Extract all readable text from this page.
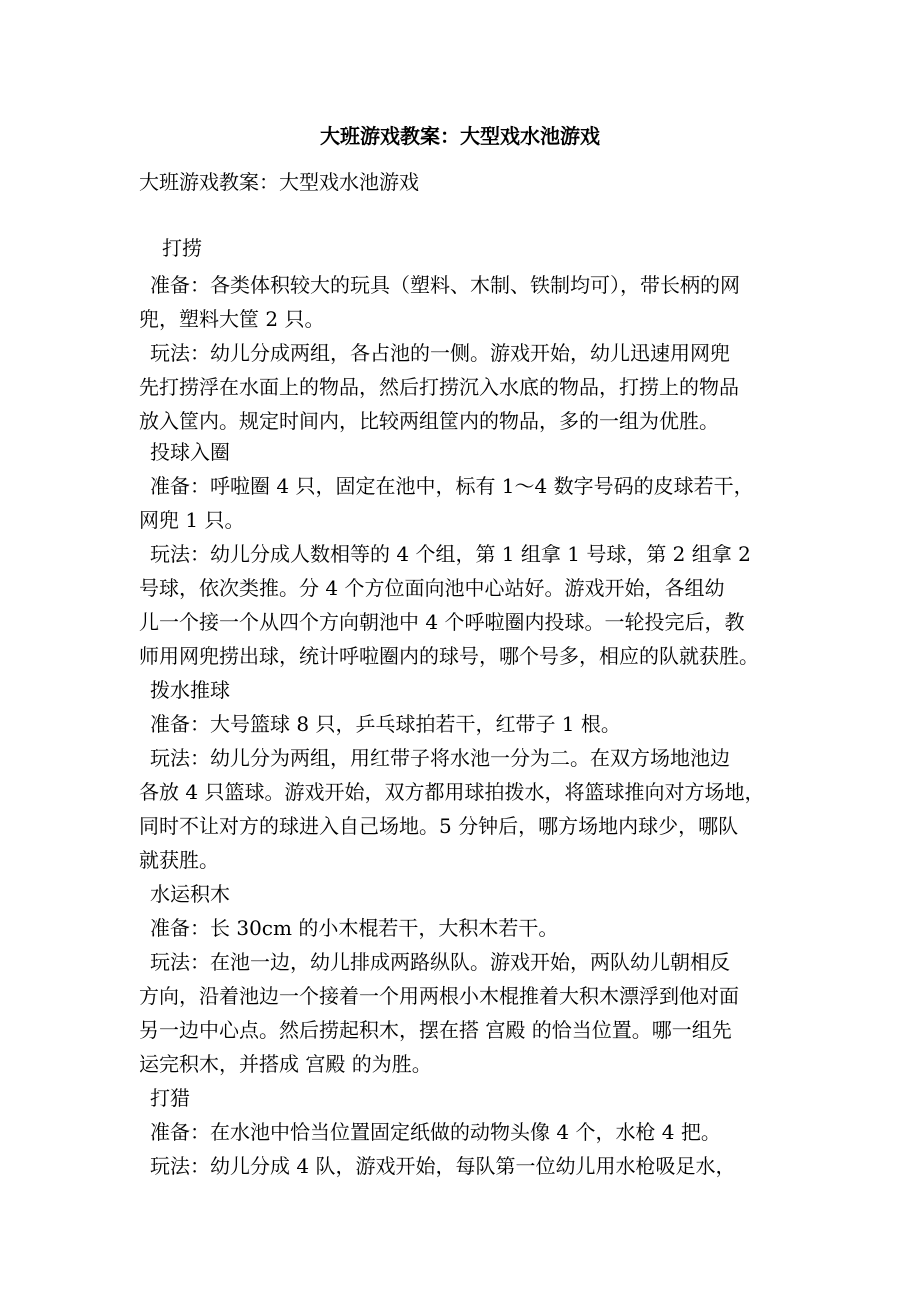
大班游戏教案：大型戏水池游戏
大班游戏教案：大型戏水池游戏
打捞
准备：各类体积较大的玩具（塑料、木制、铁制均可），带长柄的网
兜，塑料大筐 2 只。
玩法：幼儿分成两组，各占池的一侧。游戏开始，幼儿迅速用网兜
先打捞浮在水面上的物品，然后打捞沉入水底的物品，打捞上的物品
放入筐内。规定时间内，比较两组筐内的物品，多的一组为优胜。
投球入圈
准备：呼啦圈 4 只，固定在池中，标有 1～4 数字号码的皮球若干，
网兜 1 只。
玩法：幼儿分成人数相等的 4 个组，第 1 组拿 1 号球，第 2 组拿 2
号球，依次类推。分 4 个方位面向池中心站好。游戏开始，各组幼
儿一个接一个从四个方向朝池中 4 个呼啦圈内投球。一轮投完后，教
师用网兜捞出球，统计呼啦圈内的球号，哪个号多，相应的队就获胜。
拨水推球
准备：大号篮球 8 只，乒乓球拍若干，红带子 1 根。
玩法：幼儿分为两组，用红带子将水池一分为二。在双方场地池边
各放 4 只篮球。游戏开始，双方都用球拍拨水，将篮球推向对方场地，
同时不让对方的球进入自己场地。5 分钟后，哪方场地内球少，哪队
就获胜。
水运积木
准备：长 30cm 的小木棍若干，大积木若干。
玩法：在池一边，幼儿排成两路纵队。游戏开始，两队幼儿朝相反
方向，沿着池边一个接着一个用两根小木棍推着大积木漂浮到他对面
另一边中心点。然后捞起积木，摆在搭 宫殿 的恰当位置。哪一组先
运完积木，并搭成 宫殿 的为胜。
打猎
准备：在水池中恰当位置固定纸做的动物头像 4 个，水枪 4 把。
玩法：幼儿分成 4 队，游戏开始，每队第一位幼儿用水枪吸足水，
